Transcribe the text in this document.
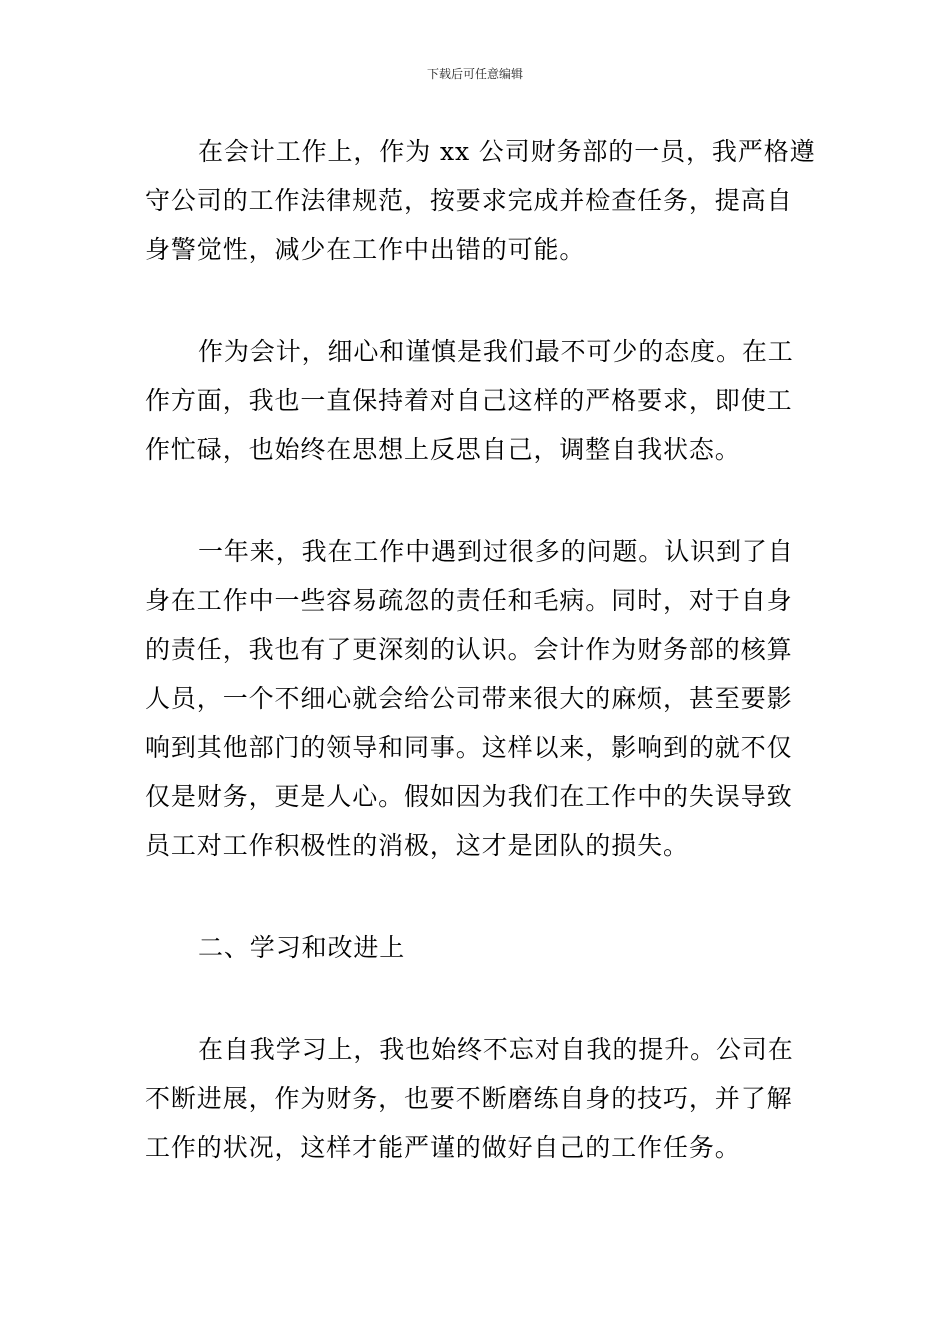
下载后可任意编辑
在会计工作上，作为 xx 公司财务部的一员，我严格遵
守公司的工作法律规范，按要求完成并检查任务，提高自
身警觉性，减少在工作中出错的可能。
作为会计，细心和谨慎是我们最不可少的态度。在工
作方面，我也一直保持着对自己这样的严格要求，即使工
作忙碌，也始终在思想上反思自己，调整自我状态。
一年来，我在工作中遇到过很多的问题。认识到了自
身在工作中一些容易疏忽的责任和毛病。同时，对于自身
的责任，我也有了更深刻的认识。会计作为财务部的核算
人员，一个不细心就会给公司带来很大的麻烦，甚至要影
响到其他部门的领导和同事。这样以来，影响到的就不仅
仅是财务，更是人心。假如因为我们在工作中的失误导致
员工对工作积极性的消极，这才是团队的损失。
二、学习和改进上
在自我学习上，我也始终不忘对自我的提升。公司在
不断进展，作为财务，也要不断磨练自身的技巧，并了解
工作的状况，这样才能严谨的做好自己的工作任务。
